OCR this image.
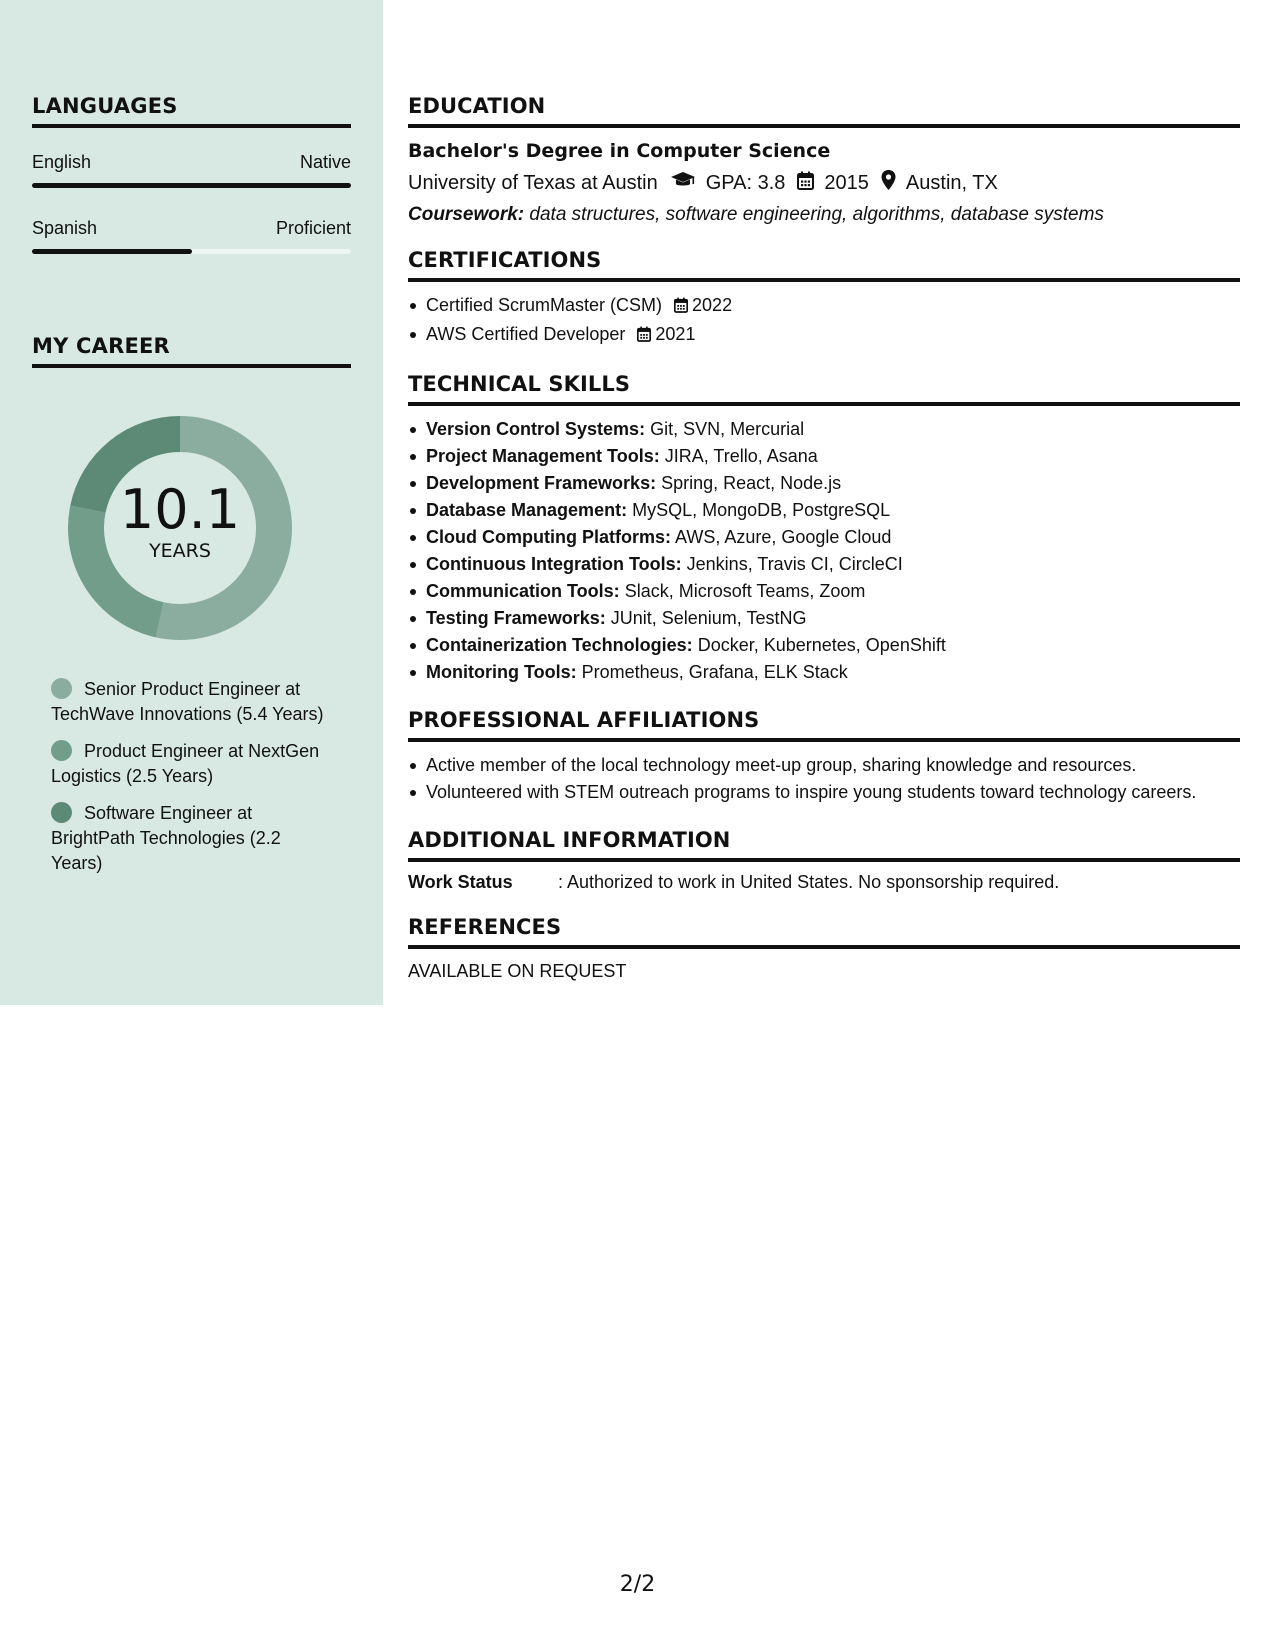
LANGUAGES
English	Native
Spanish	Proficient
MY CAREER
10.1
YEARS
Senior Product Engineer at TechWave Innovations (5.4 Years)
Product Engineer at NextGen Logistics (2.5 Years)
Software Engineer at BrightPath Technologies (2.2 Years)
EDUCATION
Bachelor's Degree in Computer Science
University of Texas at Austin GPA: 3.8 2015 Austin, TX
Coursework: data structures, software engineering, algorithms, database systems
CERTIFICATIONS
Certified ScrumMaster (CSM) 2022
AWS Certified Developer 2021
TECHNICAL SKILLS
Version Control Systems: Git, SVN, Mercurial
Project Management Tools: JIRA, Trello, Asana
Development Frameworks: Spring, React, Node.js
Database Management: MySQL, MongoDB, PostgreSQL
Cloud Computing Platforms: AWS, Azure, Google Cloud
Continuous Integration Tools: Jenkins, Travis CI, CircleCI
Communication Tools: Slack, Microsoft Teams, Zoom
Testing Frameworks: JUnit, Selenium, TestNG
Containerization Technologies: Docker, Kubernetes, OpenShift
Monitoring Tools: Prometheus, Grafana, ELK Stack
PROFESSIONAL AFFILIATIONS
Active member of the local technology meet-up group, sharing knowledge and resources.
Volunteered with STEM outreach programs to inspire young students toward technology careers.
ADDITIONAL INFORMATION
Work Status	: Authorized to work in United States. No sponsorship required.
REFERENCES
AVAILABLE ON REQUEST
2/2
